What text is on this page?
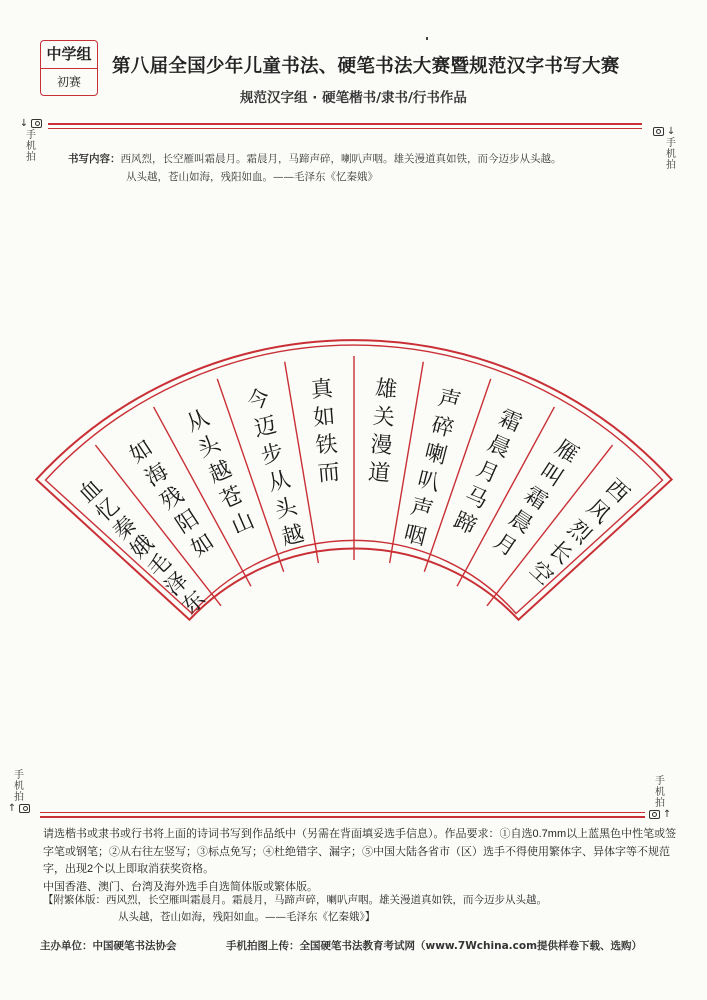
中学组
初赛
第八届全国少年儿童书法、硬笔书法大赛暨规范汉字书写大赛
规范汉字组 · 硬笔楷书/隶书/行书作品
↓
手
机
拍
↓
手
机
拍
书写内容：西风烈，长空雁叫霜晨月。霜晨月，马蹄声碎，喇叭声咽。雄关漫道真如铁，而今迈步从头越。
从头越，苍山如海，残阳如血。——毛泽东《忆秦娥》
西
风
烈
长
空
雁
叫
霜
晨
月
霜
晨
月
马
蹄
声
碎
喇
叭
声
咽
雄
关
漫
道
真
如
铁
而
今
迈
步
从
头
越
从
头
越
苍
山
如
海
残
阳
如
血
忆
秦
娥
毛
泽
东
手
机
拍
↑
手
机
拍
↑
请选楷书或隶书或行书将上面的诗词书写到作品纸中（另需在背面填妥选手信息）。作品要求：①自选0.7mm以上蓝黑色中性笔或签字笔或钢笔；②从右往左竖写；③标点免写；④杜绝错字、漏字；⑤中国大陆各省市（区）选手不得使用繁体字、异体字等不规范字，出现2个以上即取消获奖资格。
中国香港、澳门、台湾及海外选手自选简体版或繁体版。
【附繁体版：西风烈，长空雁叫霜晨月。霜晨月，马蹄声碎，喇叭声咽。雄关漫道真如铁，而今迈步从头越。
从头越，苍山如海，残阳如血。——毛泽东《忆秦娥》】
主办单位：中国硬笔书法协会	手机拍图上传：全国硬笔书法教育考试网（www.7Wchina.com提供样卷下载、选购）
